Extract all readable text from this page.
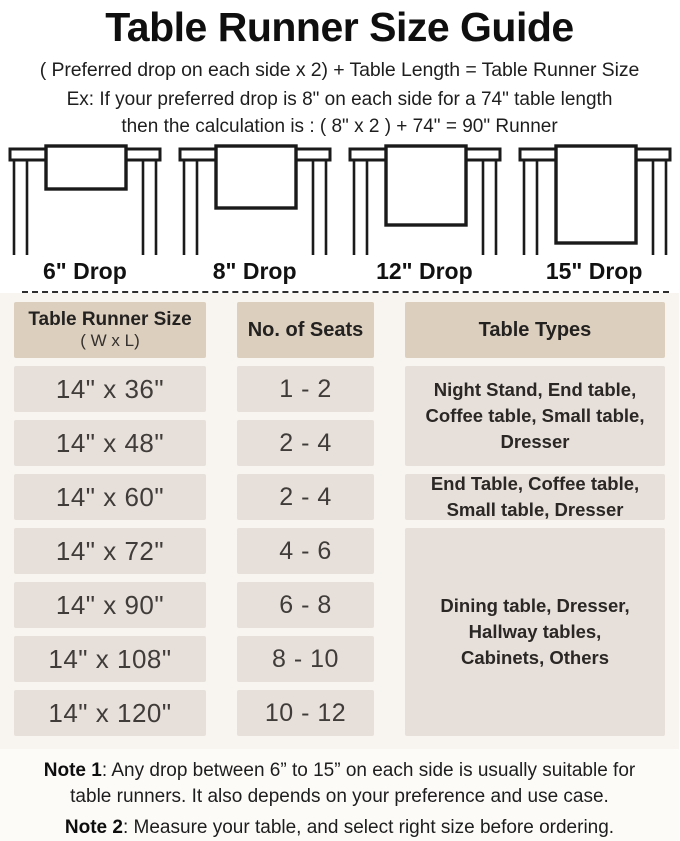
Table Runner Size Guide

( Preferred drop on each side x 2) + Table Length = Table Runner Size

Ex: If your preferred drop is 8" on each side for a 74" table length

then the calculation is : ( 8" x 2 ) + 74" = 90" Runner

6" Drop	8" Drop	12" Drop	15" Drop
Table Runner Size
( W x L)	No. of Seats	Table Types
14" x 36"	1 - 2	Night Stand, End table, Coffee table, Small table, Dresser
14" x 48"	2 - 4
14" x 60"	2 - 4	End Table, Coffee table, Small table, Dresser
14" x 72"	4 - 6
Dining table, Dresser, Hallway tables, Cabinets, Others
14" x 90"	6 - 8
14" x 108"	8 - 10
14" x 120"	10 - 12

Note 1: Any drop between 6” to 15” on each side is usually suitable for
table runners. It also depends on your preference and use case.

Note 2: Measure your table, and select right size before ordering.
